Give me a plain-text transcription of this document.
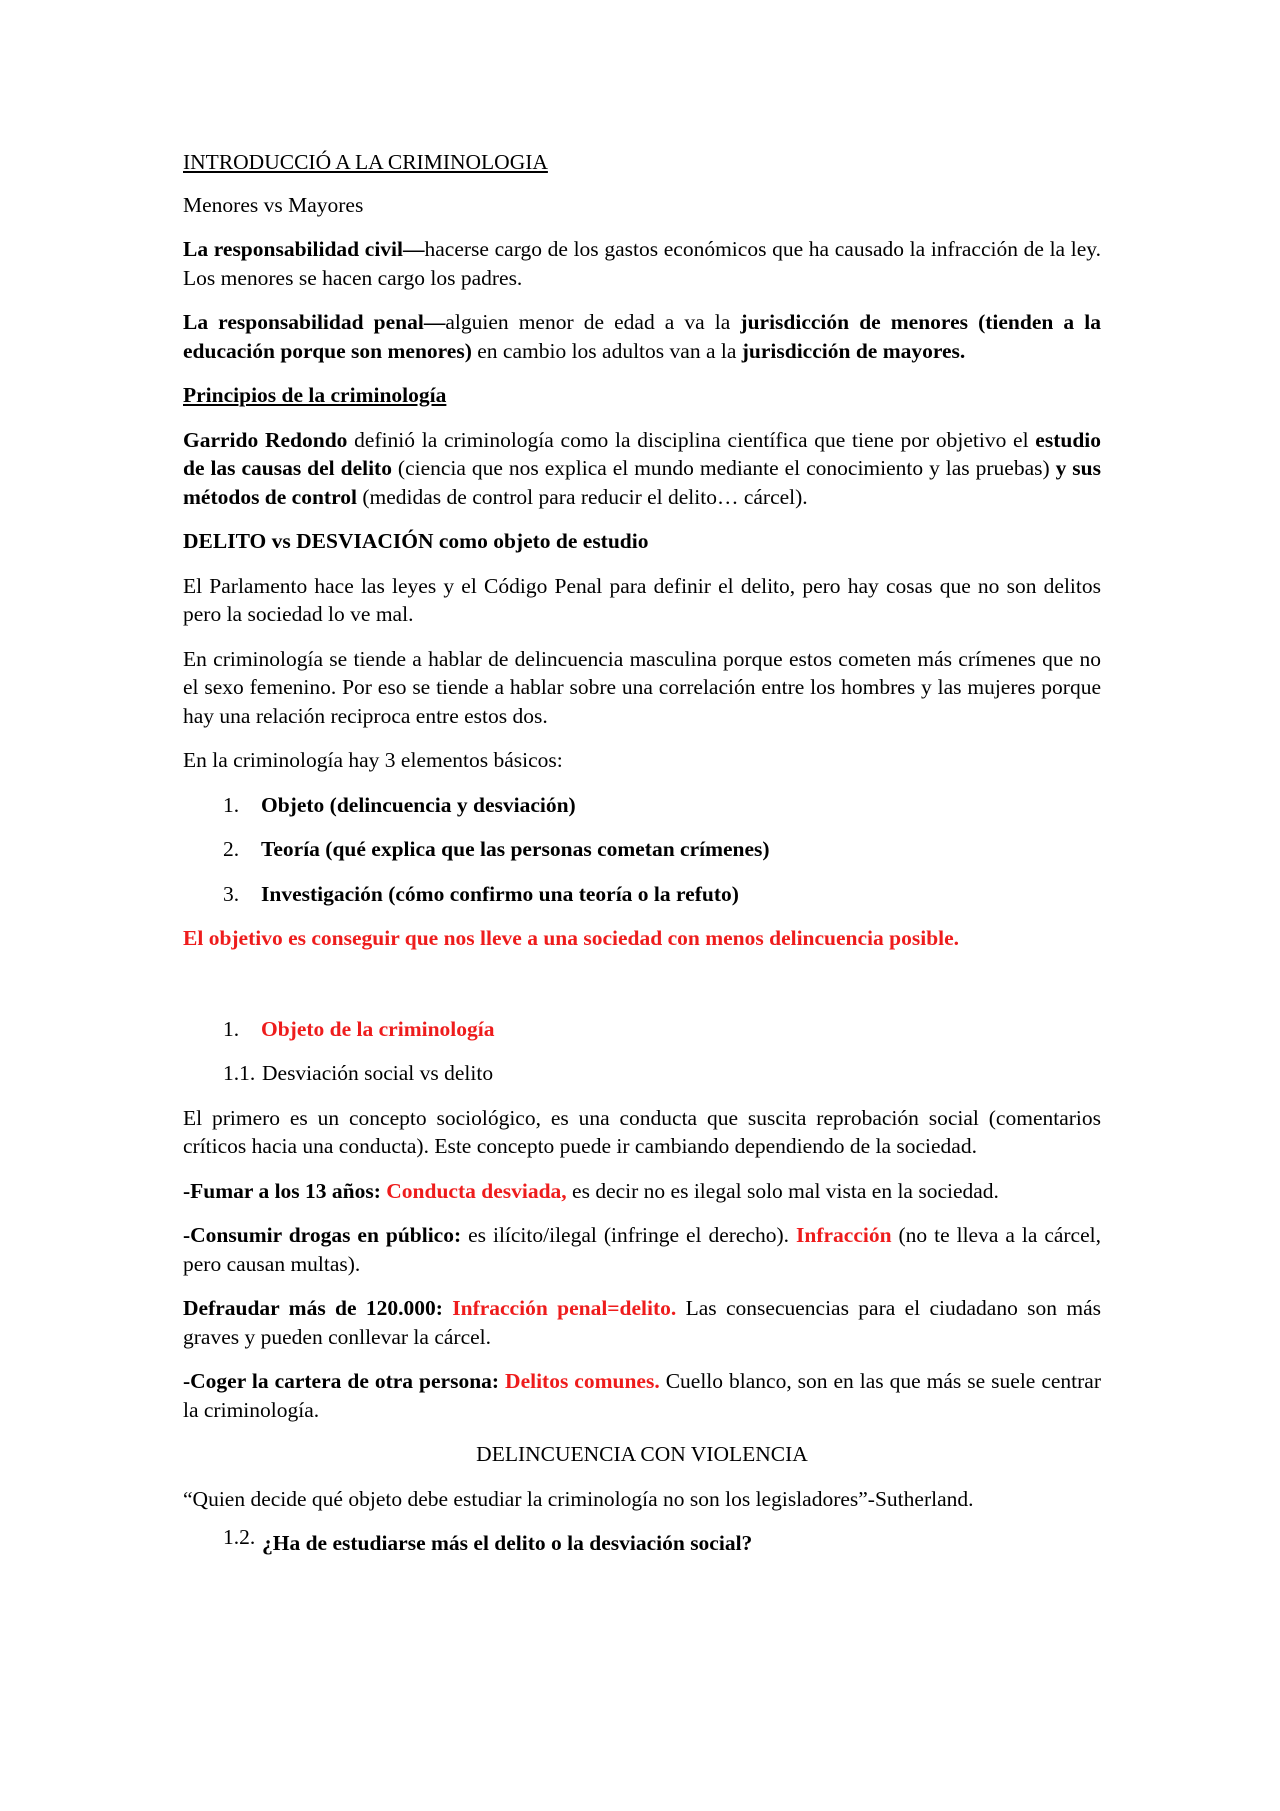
INTRODUCCIÓ A LA CRIMINOLOGIA

Menores vs Mayores

La responsabilidad civil—hacerse cargo de los gastos económicos que ha causado la infracción de la ley. Los menores se hacen cargo los padres.

La responsabilidad penal—alguien menor de edad a va la jurisdicción de menores (tienden a la educación porque son menores) en cambio los adultos van a la jurisdicción de mayores.

Principios de la criminología

Garrido Redondo definió la criminología como la disciplina científica que tiene por objetivo el estudio de las causas del delito (ciencia que nos explica el mundo mediante el conocimiento y las pruebas) y sus métodos de control (medidas de control para reducir el delito… cárcel).

DELITO vs DESVIACIÓN como objeto de estudio

El Parlamento hace las leyes y el Código Penal para definir el delito, pero hay cosas que no son delitos pero la sociedad lo ve mal.

En criminología se tiende a hablar de delincuencia masculina porque estos cometen más crímenes que no el sexo femenino. Por eso se tiende a hablar sobre una correlación entre los hombres y las mujeres porque hay una relación reciproca entre estos dos.

En la criminología hay 3 elementos básicos:

1.	Objeto (delincuencia y desviación)
2.	Teoría (qué explica que las personas cometan crímenes)
3.	Investigación (cómo confirmo una teoría o la refuto)

El objetivo es conseguir que nos lleve a una sociedad con menos delincuencia posible.

1.	Objeto de la criminología
1.1. Desviación social vs delito

El primero es un concepto sociológico, es una conducta que suscita reprobación social (comentarios críticos hacia una conducta). Este concepto puede ir cambiando dependiendo de la sociedad.

-Fumar a los 13 años: Conducta desviada, es decir no es ilegal solo mal vista en la sociedad.

-Consumir drogas en público: es ilícito/ilegal (infringe el derecho). Infracción (no te lleva a la cárcel, pero causan multas).

Defraudar más de 120.000: Infracción penal=delito. Las consecuencias para el ciudadano son más graves y pueden conllevar la cárcel.

-Coger la cartera de otra persona: Delitos comunes. Cuello blanco, son en las que más se suele centrar la criminología.

DELINCUENCIA CON VIOLENCIA

“Quien decide qué objeto debe estudiar la criminología no son los legisladores”-Sutherland.

1.2. ¿Ha de estudiarse más el delito o la desviación social?
